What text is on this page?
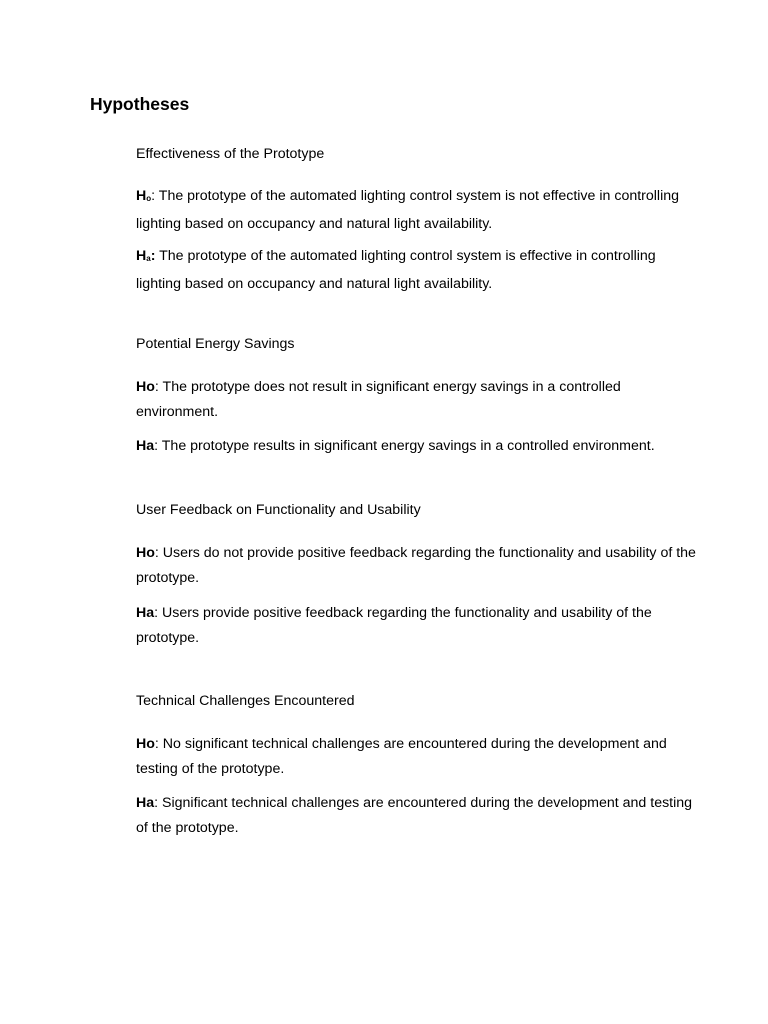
Hypotheses
Effectiveness of the Prototype

Ho: The prototype of the automated lighting control system is not effective in controlling lighting based on occupancy and natural light availability.

Ha: The prototype of the automated lighting control system is effective in controlling lighting based on occupancy and natural light availability.

Potential Energy Savings

Ho: The prototype does not result in significant energy savings in a controlled environment.

Ha: The prototype results in significant energy savings in a controlled environment.

User Feedback on Functionality and Usability

Ho: Users do not provide positive feedback regarding the functionality and usability of the prototype.

Ha: Users provide positive feedback regarding the functionality and usability of the prototype.

Technical Challenges Encountered

Ho: No significant technical challenges are encountered during the development and testing of the prototype.

Ha: Significant technical challenges are encountered during the development and testing of the prototype.
